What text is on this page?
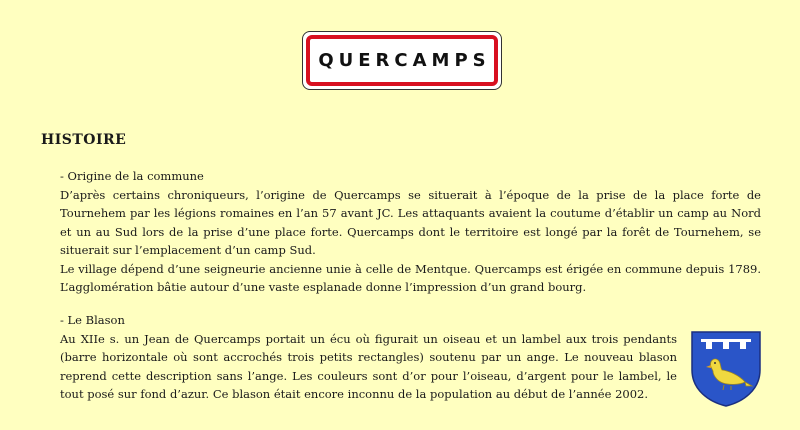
QUERCAMPS
HISTOIRE

- Origine de la commune

D’après certains chroniqueurs, l’origine de Quercamps se situerait à l’époque de la prise de la place forte de Tournehem par les légions romaines en l’an 57 avant JC. Les attaquants avaient la coutume d’établir un camp au Nord et un au Sud lors de la prise d’une place forte. Quercamps dont le territoire est longé par la forêt de Tournehem, se situerait sur l’emplacement d’un camp Sud.

Le village dépend d’une seigneurie ancienne unie à celle de Mentque. Quercamps est érigée en commune depuis 1789. L’agglomération bâtie autour d’une vaste esplanade donne l’impression d’un grand bourg.

- Le Blason

Au XIIe s. un Jean de Quercamps portait un écu où figurait un oiseau et un lambel aux trois pendants (barre horizontale où sont accrochés trois petits rectangles) soutenu par un ange. Le nouveau blason reprend cette description sans l’ange. Les couleurs sont d’or pour l’oiseau, d’argent pour le lambel, le tout posé sur fond d’azur. Ce blason était encore inconnu de la population au début de l’année 2002.
